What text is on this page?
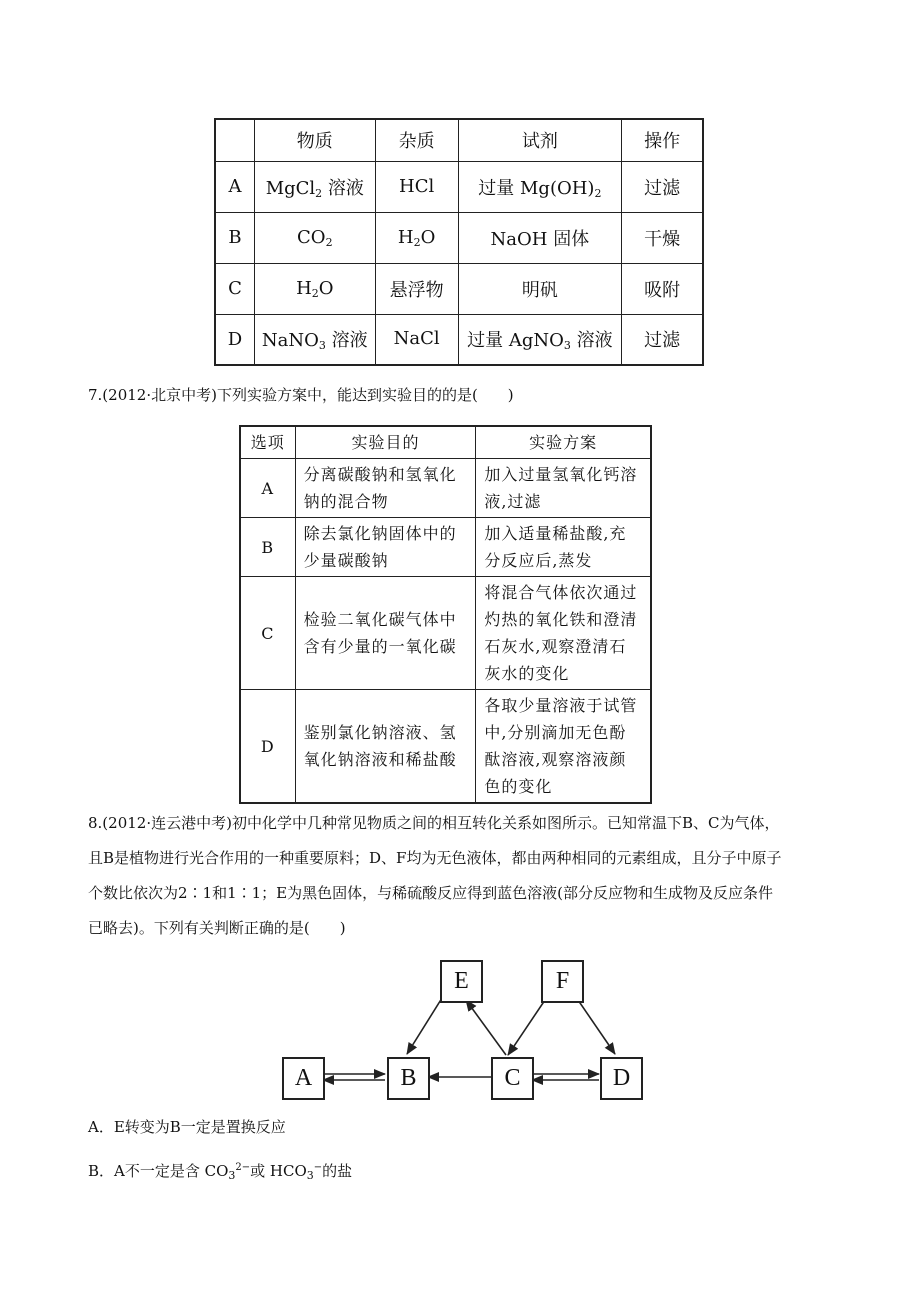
	物质	杂质	试剂	操作
A	MgCl$_2$ 溶液	HCl	过量 $Mg(OH)_2$	过滤
B	$CO_2$	$H_2O$	NaOH 固体	干燥
C	$H_2O$	悬浮物	明矾	吸附
D	NaNO$_3$ 溶液	NaCl	过量 AgNO$_3$ 溶液	过滤
7.(2012·北京中考)下列实验方案中，能达到实验目的的是(　　)
选项	实验目的	实验方案
A	分离碳酸钠和氢氧化钠的混合物	加入过量氢氧化钙溶液,过滤
B	除去氯化钠固体中的少量碳酸钠	加入适量稀盐酸,充分反应后,蒸发
C	检验二氧化碳气体中含有少量的一氧化碳	将混合气体依次通过灼热的氧化铁和澄清石灰水,观察澄清石灰水的变化
D	鉴别氯化钠溶液、氢氧化钠溶液和稀盐酸	各取少量溶液于试管中,分别滴加无色酚酞溶液,观察溶液颜色的变化
8.(2012·连云港中考)初中化学中几种常见物质之间的相互转化关系如图所示。已知常温下B、C为气体，
且B是植物进行光合作用的一种重要原料；D、F均为无色液体，都由两种相同的元素组成，且分子中原子
个数比依次为2∶1和1∶1；E为黑色固体，与稀硫酸反应得到蓝色溶液(部分反应物和生成物及反应条件
已略去)。下列有关判断正确的是(　　)
A	B	C	D
E	F
A．E转变为B一定是置换反应
B．A不一定是含 $CO_3^{2-}$或 $HCO_3^-$的盐
